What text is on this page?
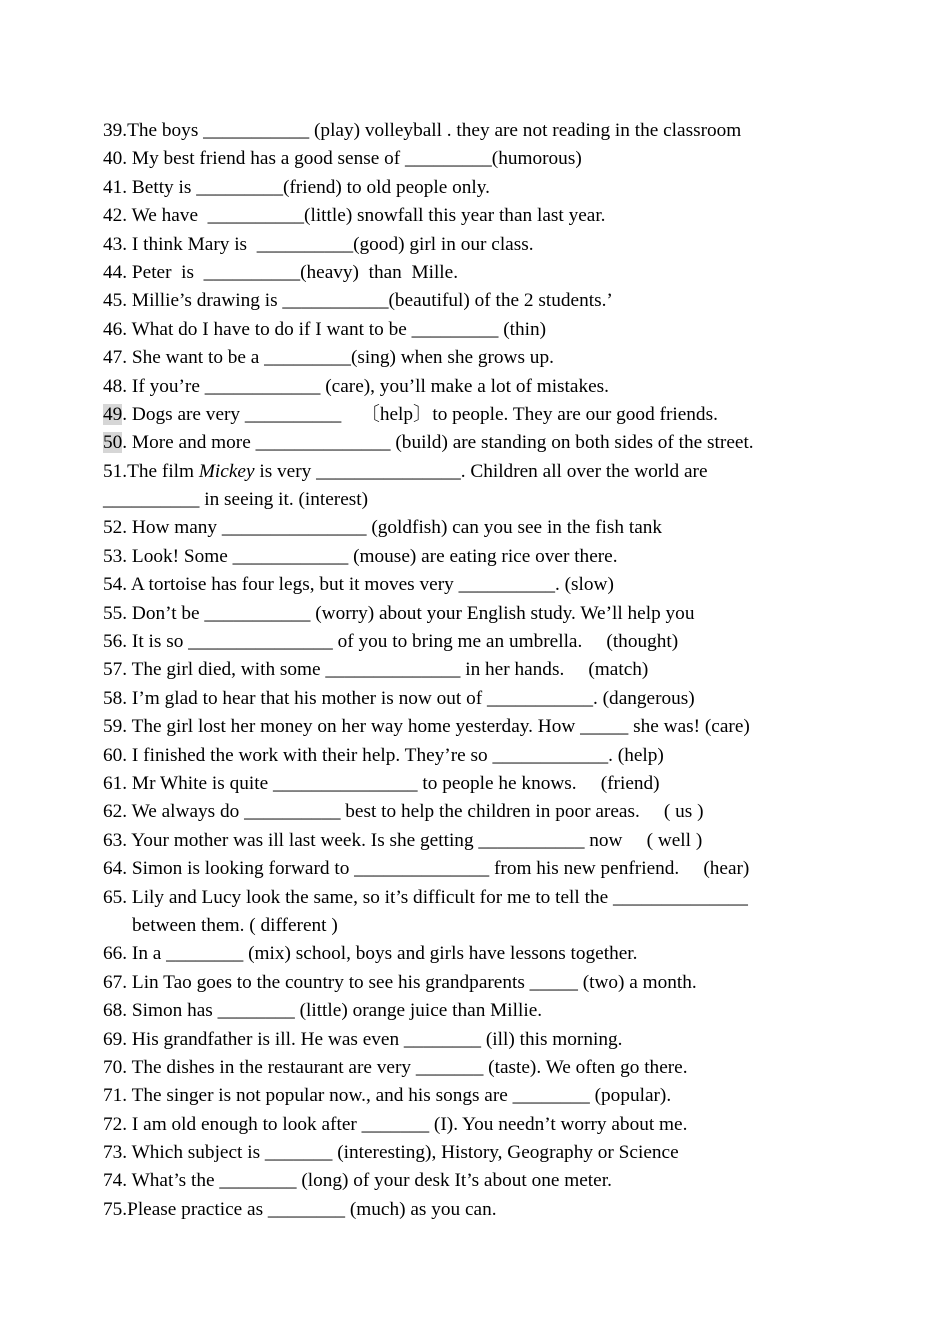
39.The boys ___________ (play) volleyball . they are not reading in the classroom
40. My best friend has a good sense of _________(humorous)
41. Betty is _________(friend) to old people only.
42. We have  __________(little) snowfall this year than last year.
43. I think Mary is  __________(good) girl in our class.
44. Peter  is  __________(heavy)  than  Mille.
45. Millie’s drawing is ___________(beautiful) of the 2 students.’
46. What do I have to do if I want to be _________ (thin)
47. She want to be a _________(sing) when she grows up.
48. If you’re ____________ (care), you’ll make a lot of mistakes.
49. Dogs are very __________    〔help〕to people. They are our good friends.
50. More and more ______________ (build) are standing on both sides of the street.
51.The film Mickey is very _______________. Children all over the world are
__________ in seeing it. (interest)
52. How many _______________ (goldfish) can you see in the fish tank
53. Look! Some ____________ (mouse) are eating rice over there.
54. A tortoise has four legs, but it moves very __________. (slow)
55. Don’t be ___________ (worry) about your English study. We’ll help you
56. It is so _______________ of you to bring me an umbrella.     (thought)
57. The girl died, with some ______________ in her hands.     (match)
58. I’m glad to hear that his mother is now out of ___________. (dangerous)
59. The girl lost her money on her way home yesterday. How _____ she was! (care)
60. I finished the work with their help. They’re so ____________. (help)
61. Mr White is quite _______________ to people he knows.     (friend)
62. We always do __________ best to help the children in poor areas.     ( us )
63. Your mother was ill last week. Is she getting ___________ now     ( well )
64. Simon is looking forward to ______________ from his new penfriend.     (hear)
65. Lily and Lucy look the same, so it’s difficult for me to tell the ______________
between them. ( different )
66. In a ________ (mix) school, boys and girls have lessons together.
67. Lin Tao goes to the country to see his grandparents _____ (two) a month.
68. Simon has ________ (little) orange juice than Millie.
69. His grandfather is ill. He was even ________ (ill) this morning.
70. The dishes in the restaurant are very _______ (taste). We often go there.
71. The singer is not popular now., and his songs are ________ (popular).
72. I am old enough to look after _______ (I). You needn’t worry about me.
73. Which subject is _______ (interesting), History, Geography or Science
74. What’s the ________ (long) of your desk It’s about one meter.
75.Please practice as ________ (much) as you can.
